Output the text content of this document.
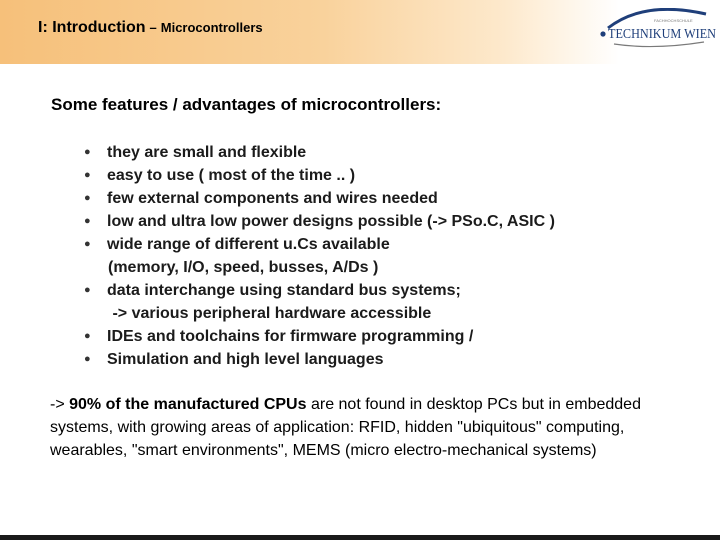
I: Introduction – Microcontrollers	FACHHOCHSCHULE
TECHNIKUM WIEN
Some features / advantages of microcontrollers:
● they are small and flexible
● easy to use ( most of the time .. )
● few external components and wires needed
● low and ultra low power designs possible (-> PSo.C, ASIC )
● wide range of different u.Cs available
(memory, I/O, speed, busses, A/Ds )
● data interchange using standard bus systems;
-> various peripheral hardware accessible
● IDEs and toolchains for firmware programming /
● Simulation and high level languages
-> 90% of the manufactured CPUs are not found in desktop PCs but in embedded systems, with growing areas of application: RFID, hidden "ubiquitous" computing, wearables, "smart environments", MEMS (micro electro-mechanical systems)
